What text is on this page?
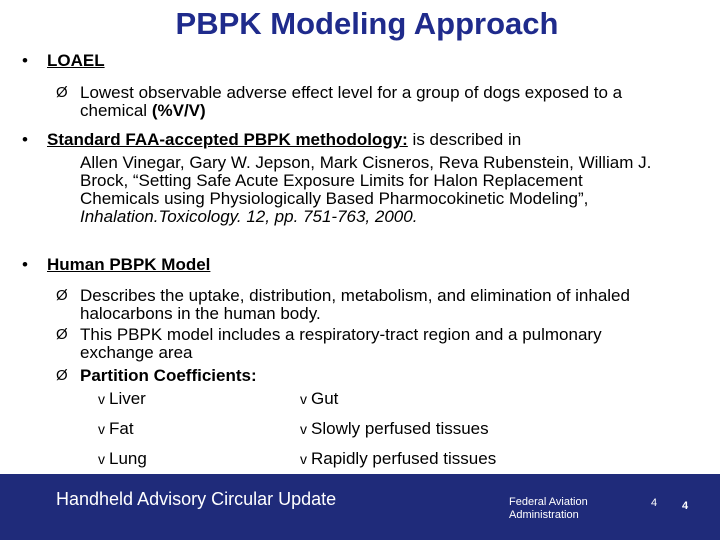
PBPK Modeling Approach
• LOAEL
Ø Lowest observable adverse effect level for a group of dogs exposed to a
chemical (%V/V)
• Standard FAA-accepted PBPK methodology: is described in
Allen Vinegar, Gary W. Jepson, Mark Cisneros, Reva Rubenstein, William J.
Brock, “Setting Safe Acute Exposure Limits for Halon Replacement
Chemicals using Physiologically Based Pharmocokinetic Modeling”,
Inhalation.Toxicology. 12, pp. 751-763, 2000.
• Human PBPK Model
Ø Describes the uptake, distribution, metabolism, and elimination of inhaled
halocarbons in the human body.
Ø This PBPK model includes a respiratory-tract region and a pulmonary
exchange area
Ø Partition Coefficients:
v Liver	v Gut
v Fat	v Slowly perfused tissues
v Lung	v Rapidly perfused tissues
Handheld Advisory Circular Update	Federal Aviation
Administration
4 4
